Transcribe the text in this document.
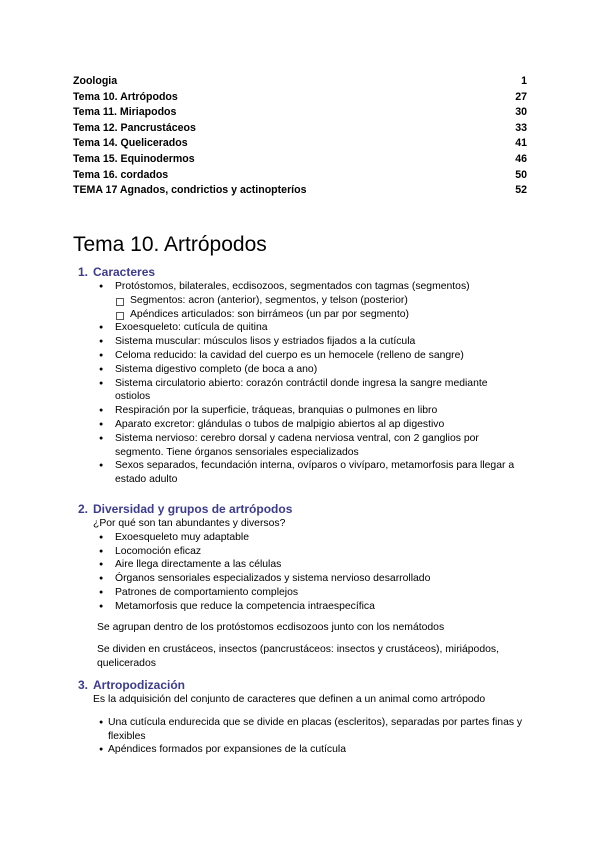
Zoologia	1
Tema 10. Artrópodos	27
Tema 11. Miriapodos	30
Tema 12. Pancrustáceos	33
Tema 14. Quelicerados	41
Tema 15. Equinodermos	46
Tema 16. cordados	50
TEMA 17 Agnados, condrictios y actinopteríos	52
Tema 10. Artrópodos
1. Caracteres
● Protóstomos, bilaterales, ecdisozoos, segmentados con tagmas (segmentos)
Segmentos: acron (anterior), segmentos, y telson (posterior)
Apéndices articulados: son birrámeos (un par por segmento)
● Exoesqueleto: cutícula de quitina
● Sistema muscular: músculos lisos y estriados fijados a la cutícula
● Celoma reducido: la cavidad del cuerpo es un hemocele (relleno de sangre)
● Sistema digestivo completo (de boca a ano)
● Sistema circulatorio abierto: corazón contráctil donde ingresa la sangre mediante ostiolos
● Respiración por la superficie, tráqueas, branquias o pulmones en libro
● Aparato excretor: glándulas o tubos de malpigio abiertos al ap digestivo
● Sistema nervioso: cerebro dorsal y cadena nerviosa ventral, con 2 ganglios por segmento. Tiene órganos sensoriales especializados
● Sexos separados, fecundación interna, ovíparos o vivíparo, metamorfosis para llegar a estado adulto
2. Diversidad y grupos de artrópodos
¿Por qué son tan abundantes y diversos?
● Exoesqueleto muy adaptable
● Locomoción eficaz
● Aire llega directamente a las células
● Órganos sensoriales especializados y sistema nervioso desarrollado
● Patrones de comportamiento complejos
● Metamorfosis que reduce la competencia intraespecífica
Se agrupan dentro de los protóstomos ecdisozoos junto con los nemátodos
Se dividen en crustáceos, insectos (pancrustáceos: insectos y crustáceos), miriápodos, quelicerados
3. Artropodización
Es la adquisición del conjunto de caracteres que definen a un animal como artrópodo
● Una cutícula endurecida que se divide en placas (escleritos), separadas por partes finas y flexibles
● Apéndices formados por expansiones de la cutícula
